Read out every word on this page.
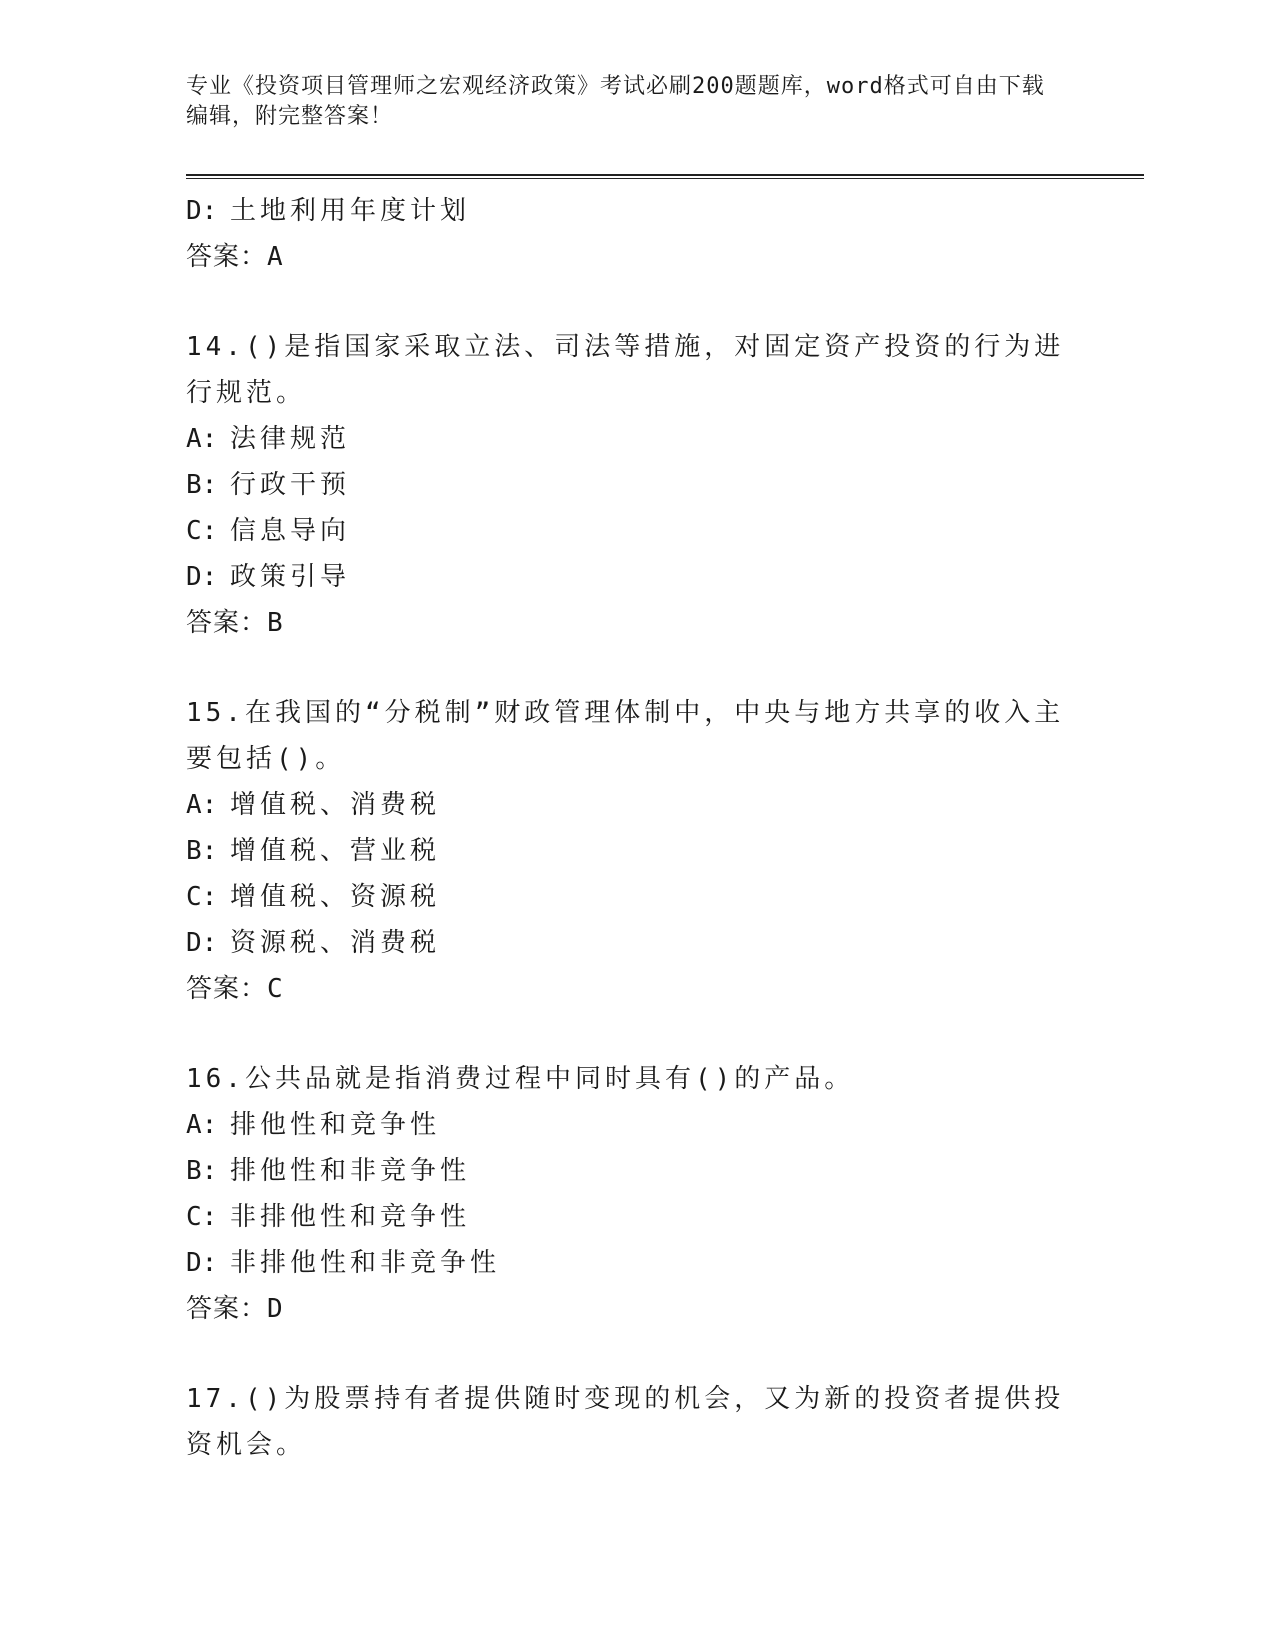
专业《投资项目管理师之宏观经济政策》考试必刷200题题库，word格式可自由下载编辑，附完整答案！
D: 土地利用年度计划
答案：A
14.()是指国家采取立法、司法等措施，对固定资产投资的行为进行规范。
A: 法律规范
B: 行政干预
C: 信息导向
D: 政策引导
答案：B
15.在我国的“分税制”财政管理体制中，中央与地方共享的收入主要包括()。
A: 增值税、消费税
B: 增值税、营业税
C: 增值税、资源税
D: 资源税、消费税
答案：C
16.公共品就是指消费过程中同时具有()的产品。
A: 排他性和竞争性
B: 排他性和非竞争性
C: 非排他性和竞争性
D: 非排他性和非竞争性
答案：D
17.()为股票持有者提供随时变现的机会，又为新的投资者提供投资机会。
